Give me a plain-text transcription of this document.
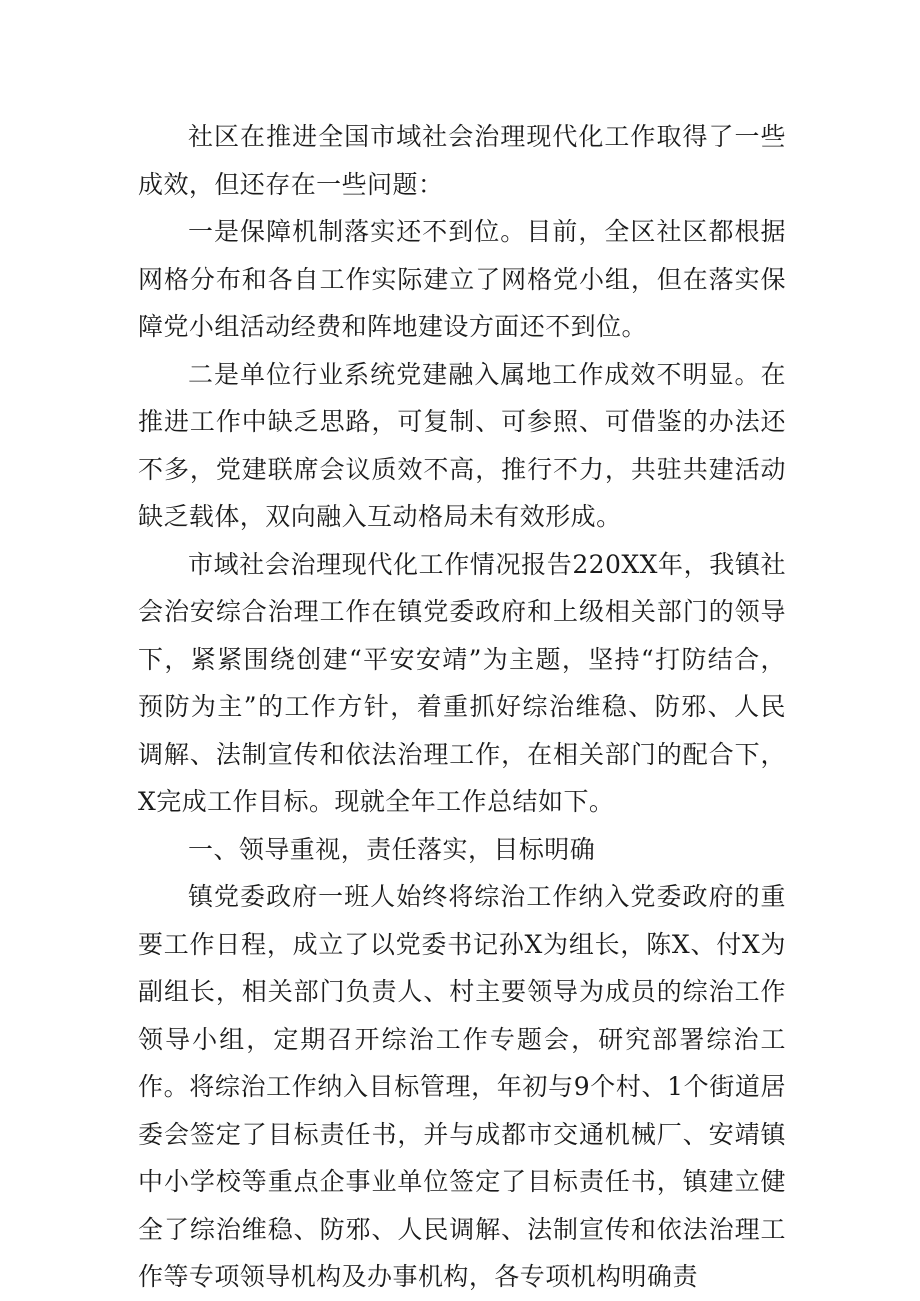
社区在推进全国市域社会治理现代化工作取得了一些成效，但还存在一些问题：

一是保障机制落实还不到位。目前，全区社区都根据网格分布和各自工作实际建立了网格党小组，但在落实保障党小组活动经费和阵地建设方面还不到位。

二是单位行业系统党建融入属地工作成效不明显。在推进工作中缺乏思路，可复制、可参照、可借鉴的办法还不多，党建联席会议质效不高，推行不力，共驻共建活动缺乏载体，双向融入互动格局未有效形成。

市域社会治理现代化工作情况报告220XX年，我镇社会治安综合治理工作在镇党委政府和上级相关部门的领导下，紧紧围绕创建“平安安靖”为主题，坚持“打防结合，预防为主”的工作方针，着重抓好综治维稳、防邪、人民调解、法制宣传和依法治理工作，在相关部门的配合下，X完成工作目标。现就全年工作总结如下。

一、领导重视，责任落实，目标明确

镇党委政府一班人始终将综治工作纳入党委政府的重要工作日程，成立了以党委书记孙X为组长，陈X、付X为副组长，相关部门负责人、村主要领导为成员的综治工作领导小组，定期召开综治工作专题会，研究部署综治工作。将综治工作纳入目标管理，年初与9个村、1个街道居委会签定了目标责任书，并与成都市交通机械厂、安靖镇中小学校等重点企事业单位签定了目标责任书，镇建立健全了综治维稳、防邪、人民调解、法制宣传和依法治理工作等专项领导机构及办事机构，各专项机构明确责
